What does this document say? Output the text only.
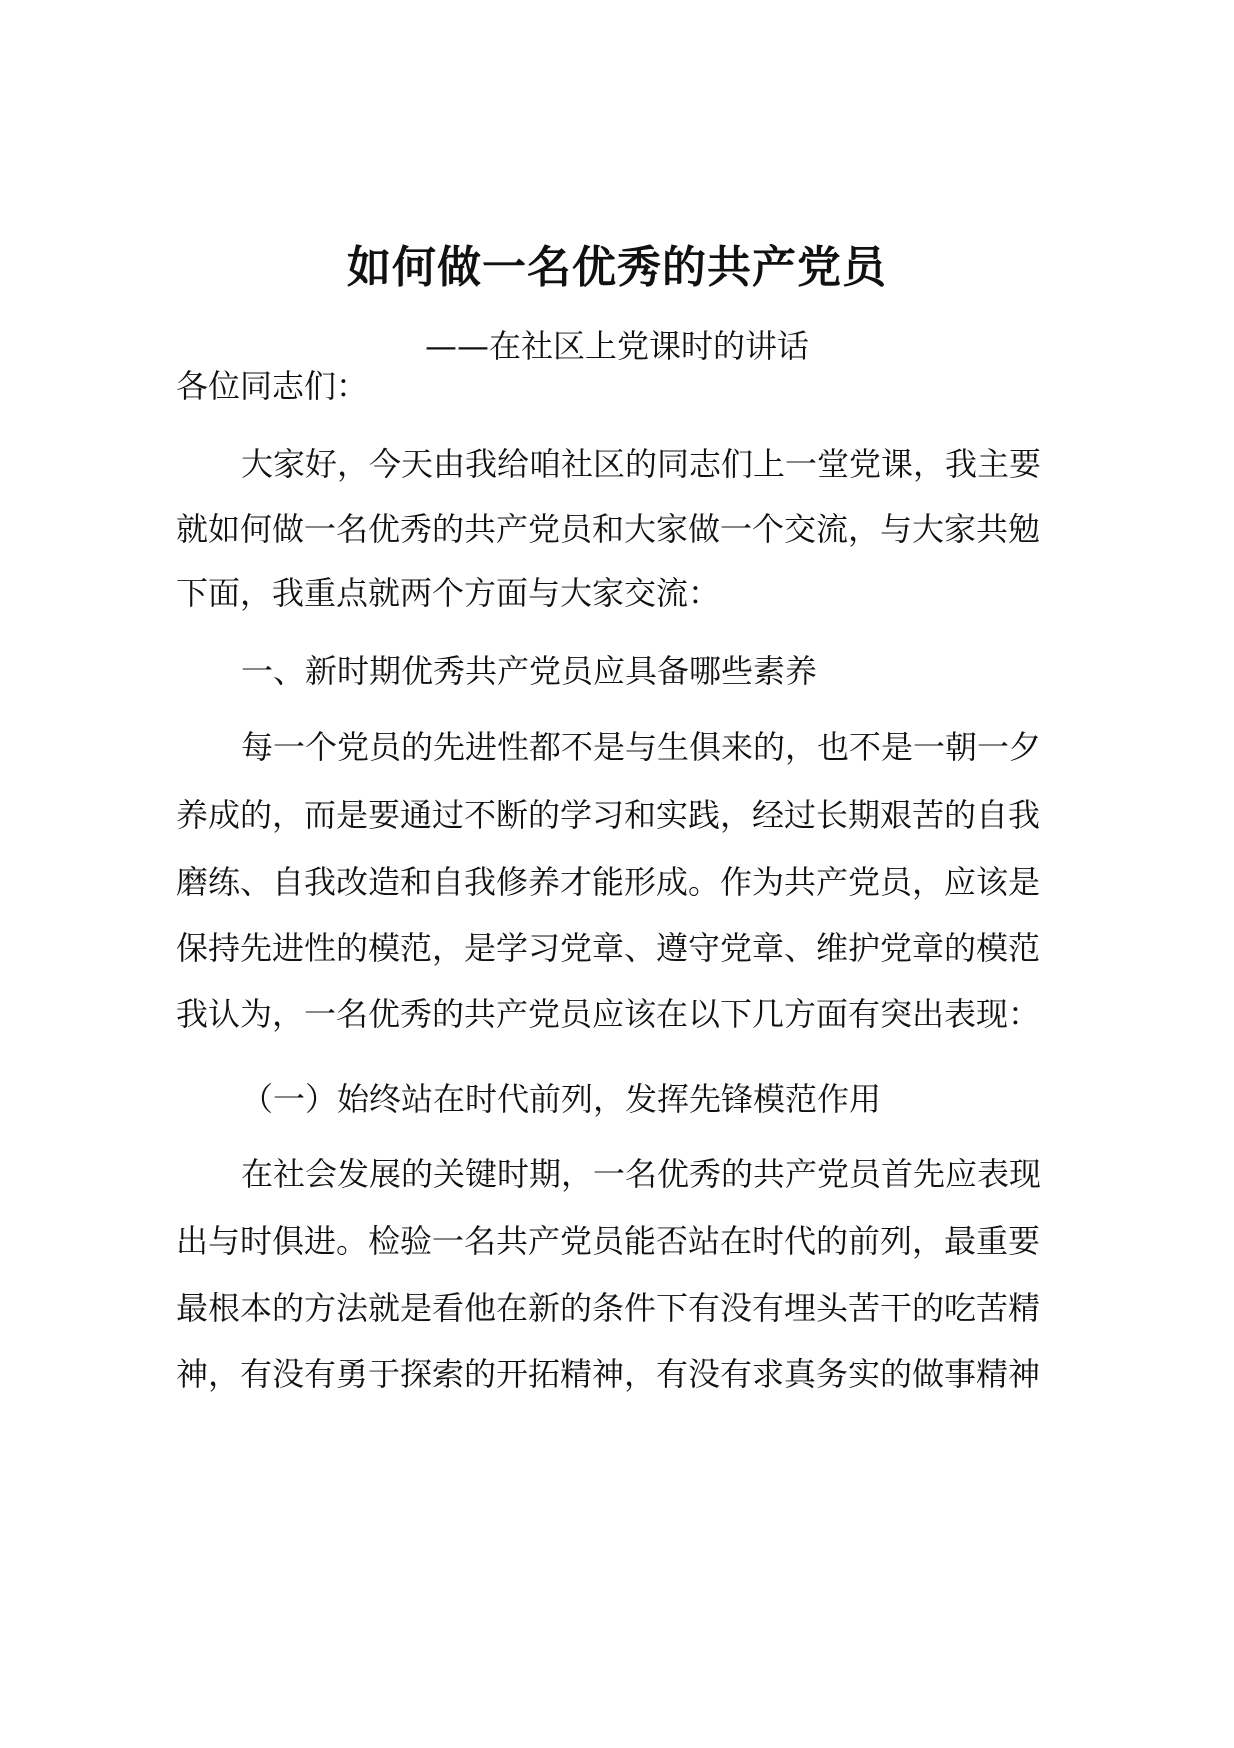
如何做一名优秀的共产党员
——在社区上党课时的讲话
各位同志们：
大家好，今天由我给咱社区的同志们上一堂党课，我主要
就如何做一名优秀的共产党员和大家做一个交流，与大家共勉
下面，我重点就两个方面与大家交流：
一、新时期优秀共产党员应具备哪些素养
每一个党员的先进性都不是与生俱来的，也不是一朝一夕
养成的，而是要通过不断的学习和实践，经过长期艰苦的自我
磨练、自我改造和自我修养才能形成。作为共产党员，应该是
保持先进性的模范，是学习党章、遵守党章、维护党章的模范
我认为，一名优秀的共产党员应该在以下几方面有突出表现：
（一）始终站在时代前列，发挥先锋模范作用
在社会发展的关键时期，一名优秀的共产党员首先应表现
出与时俱进。检验一名共产党员能否站在时代的前列，最重要
最根本的方法就是看他在新的条件下有没有埋头苦干的吃苦精
神，有没有勇于探索的开拓精神，有没有求真务实的做事精神
